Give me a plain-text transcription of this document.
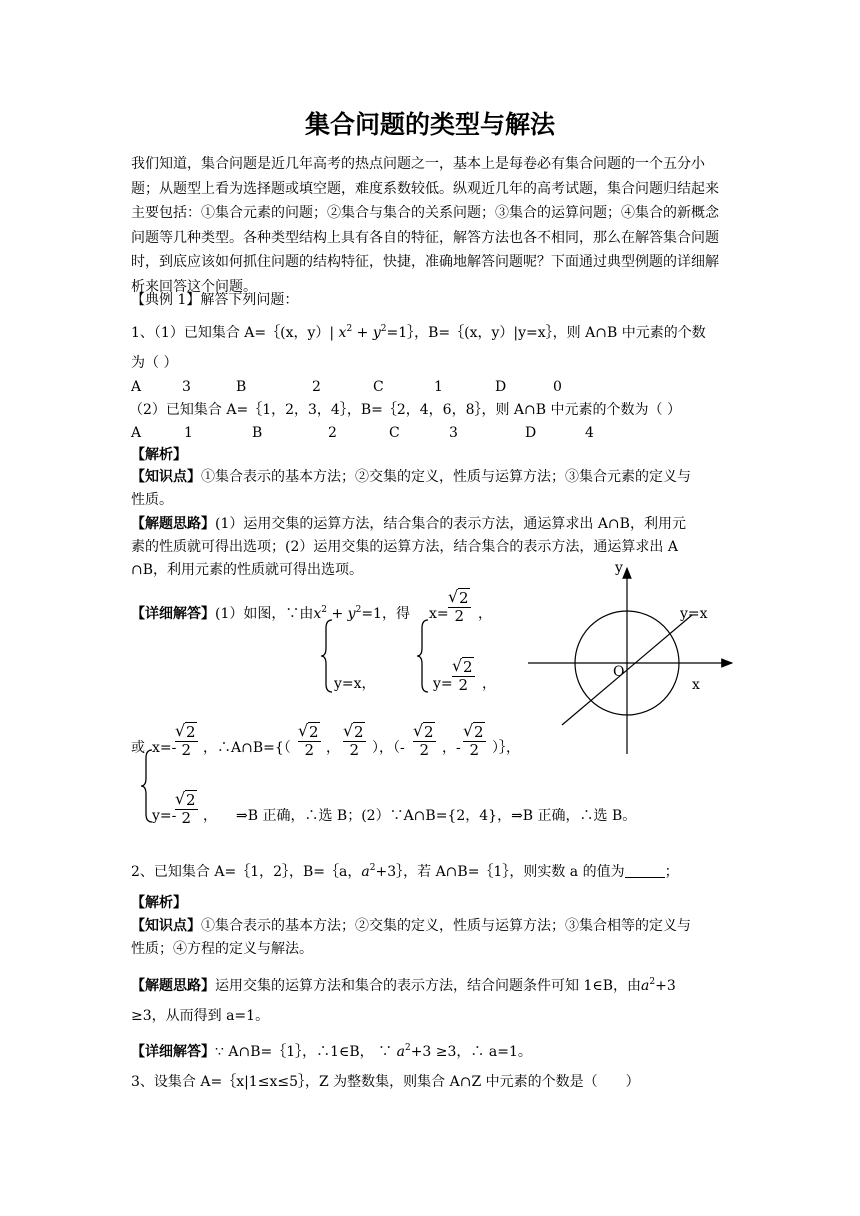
集合问题的类型与解法
我们知道，集合问题是近几年高考的热点问题之一，基本上是每卷必有集合问题的一个五分小题；从题型上看为选择题或填空题，难度系数较低。纵观近几年的高考试题，集合问题归结起来主要包括：①集合元素的问题；②集合与集合的关系问题；③集合的运算问题；④集合的新概念问题等几种类型。各种类型结构上具有各自的特征，解答方法也各不相同，那么在解答集合问题时，到底应该如何抓住问题的结构特征，快捷，准确地解答问题呢？下面通过典型例题的详细解析来回答这个问题。
【典例 1】解答下列问题：
1、（1）已知集合 A=｛(x，y）| $x^2$ + $y^2=1\}$，B=｛(x，y）|y=x｝，则 A∩B 中元素的个数
为（ ）
A	3	B	2	C	1	D	0
（2）已知集合 A=｛1，2，3，4｝，B=｛2，4，6，8｝，则 A∩B 中元素的个数为（ ）
A	1	B	2	C	3	D	4
【解析】
【知识点】①集合表示的基本方法；②交集的定义，性质与运算方法；③集合元素的定义与
性质。
【解题思路】(1）运用交集的运算方法，结合集合的表示方法，通运算求出 A∩B，利用元
素的性质就可得出选项；(2）运用交集的运算方法，结合集合的表示方法，通运算求出 A
∩B，利用元素的性质就可得出选项。
【详细解答】(1）如图，∵由$x^2 + y^2=1$，得
y=x，
x= √ $\frac{2}{2}$ ，
y= √ $\frac{2}{2}$ ，
y
x
O
y=x
或 x=-
√ $\frac{2}{2}$ ，∴A∩B={（ √ $\frac{2}{2}$ ， √ $\frac{2}{2}$ ），（- √ $\frac{2}{2}$ ，- √ $\frac{2}{2}$ ）｝，
y=-
√ $\frac{2}{2}$ ， ⇒B 正确，∴选 B；(2）∵A∩B={2，4}，⇒B 正确，∴选 B。
2、已知集合 A=｛1，2｝，B=｛a，$a^2+3\}$，若 A∩B=｛1｝，则实数 a 的值为	；
【解析】
【知识点】①集合表示的基本方法；②交集的定义，性质与运算方法；③集合相等的定义与
性质；④方程的定义与解法。
【解题思路】运用交集的运算方法和集合的表示方法，结合问题条件可知 1∈B，由$a^2+3$
≥3，从而得到 a=1。
【详细解答】∵ A∩B=｛1｝，∴1∈B， ∵ $a^2+3 \ge 3$，∴ a=1。
3、设集合 A=｛x|1≤x≤5｝，Z 为整数集，则集合 A∩Z 中元素的个数是（　　）
